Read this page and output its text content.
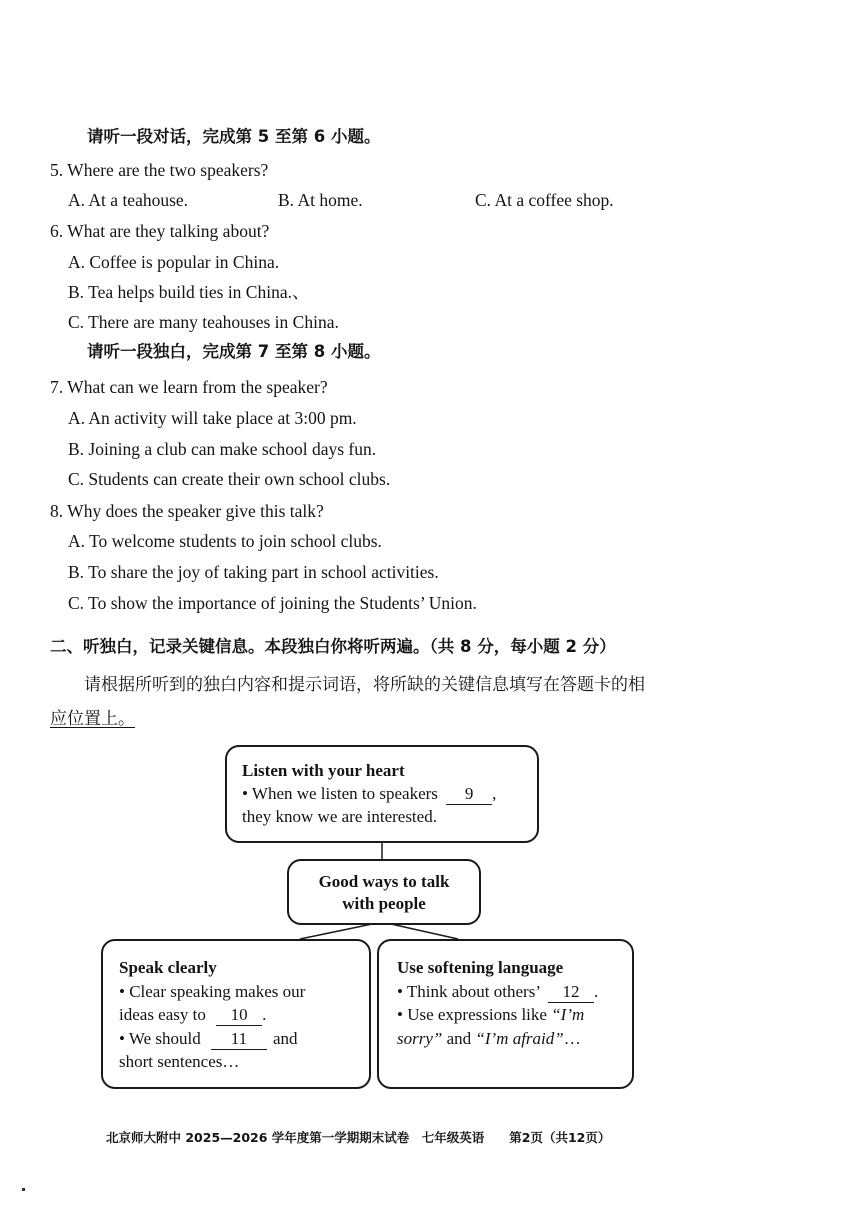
请听一段对话，完成第 5 至第 6 小题。
5. Where are the two speakers?
A. At a teahouse.	B. At home.	C. At a coffee shop.
6. What are they talking about?
A. Coffee is popular in China.
B. Tea helps build ties in China.、
C. There are many teahouses in China.
请听一段独白，完成第 7 至第 8 小题。
7. What can we learn from the speaker?
A. An activity will take place at 3:00 pm.
B. Joining a club can make school days fun.
C. Students can create their own school clubs.
8. Why does the speaker give this talk?
A. To welcome students to join school clubs.
B. To share the joy of taking part in school activities.
C. To show the importance of joining the Students’ Union.
二、听独白，记录关键信息。本段独白你将听两遍。（共 8 分，每小题 2 分）
请根据所听到的独白内容和提示词语，将所缺的关键信息填写在答题卡的相
应位置上。
Listen with your heart
• When we listen to speakers 9 ,
they know we are interested.
Good ways to talk
with people
Speak clearly
• Clear speaking makes our
ideas easy to 10 .
• We should 11 and
short sentences…
Use softening language
• Think about others’ 12 .
• Use expressions like “I’m
sorry” and “I’m afraid”…
北京师大附中 2025—2026 学年度第一学期期末试卷　七年级英语　　第2页（共12页）
